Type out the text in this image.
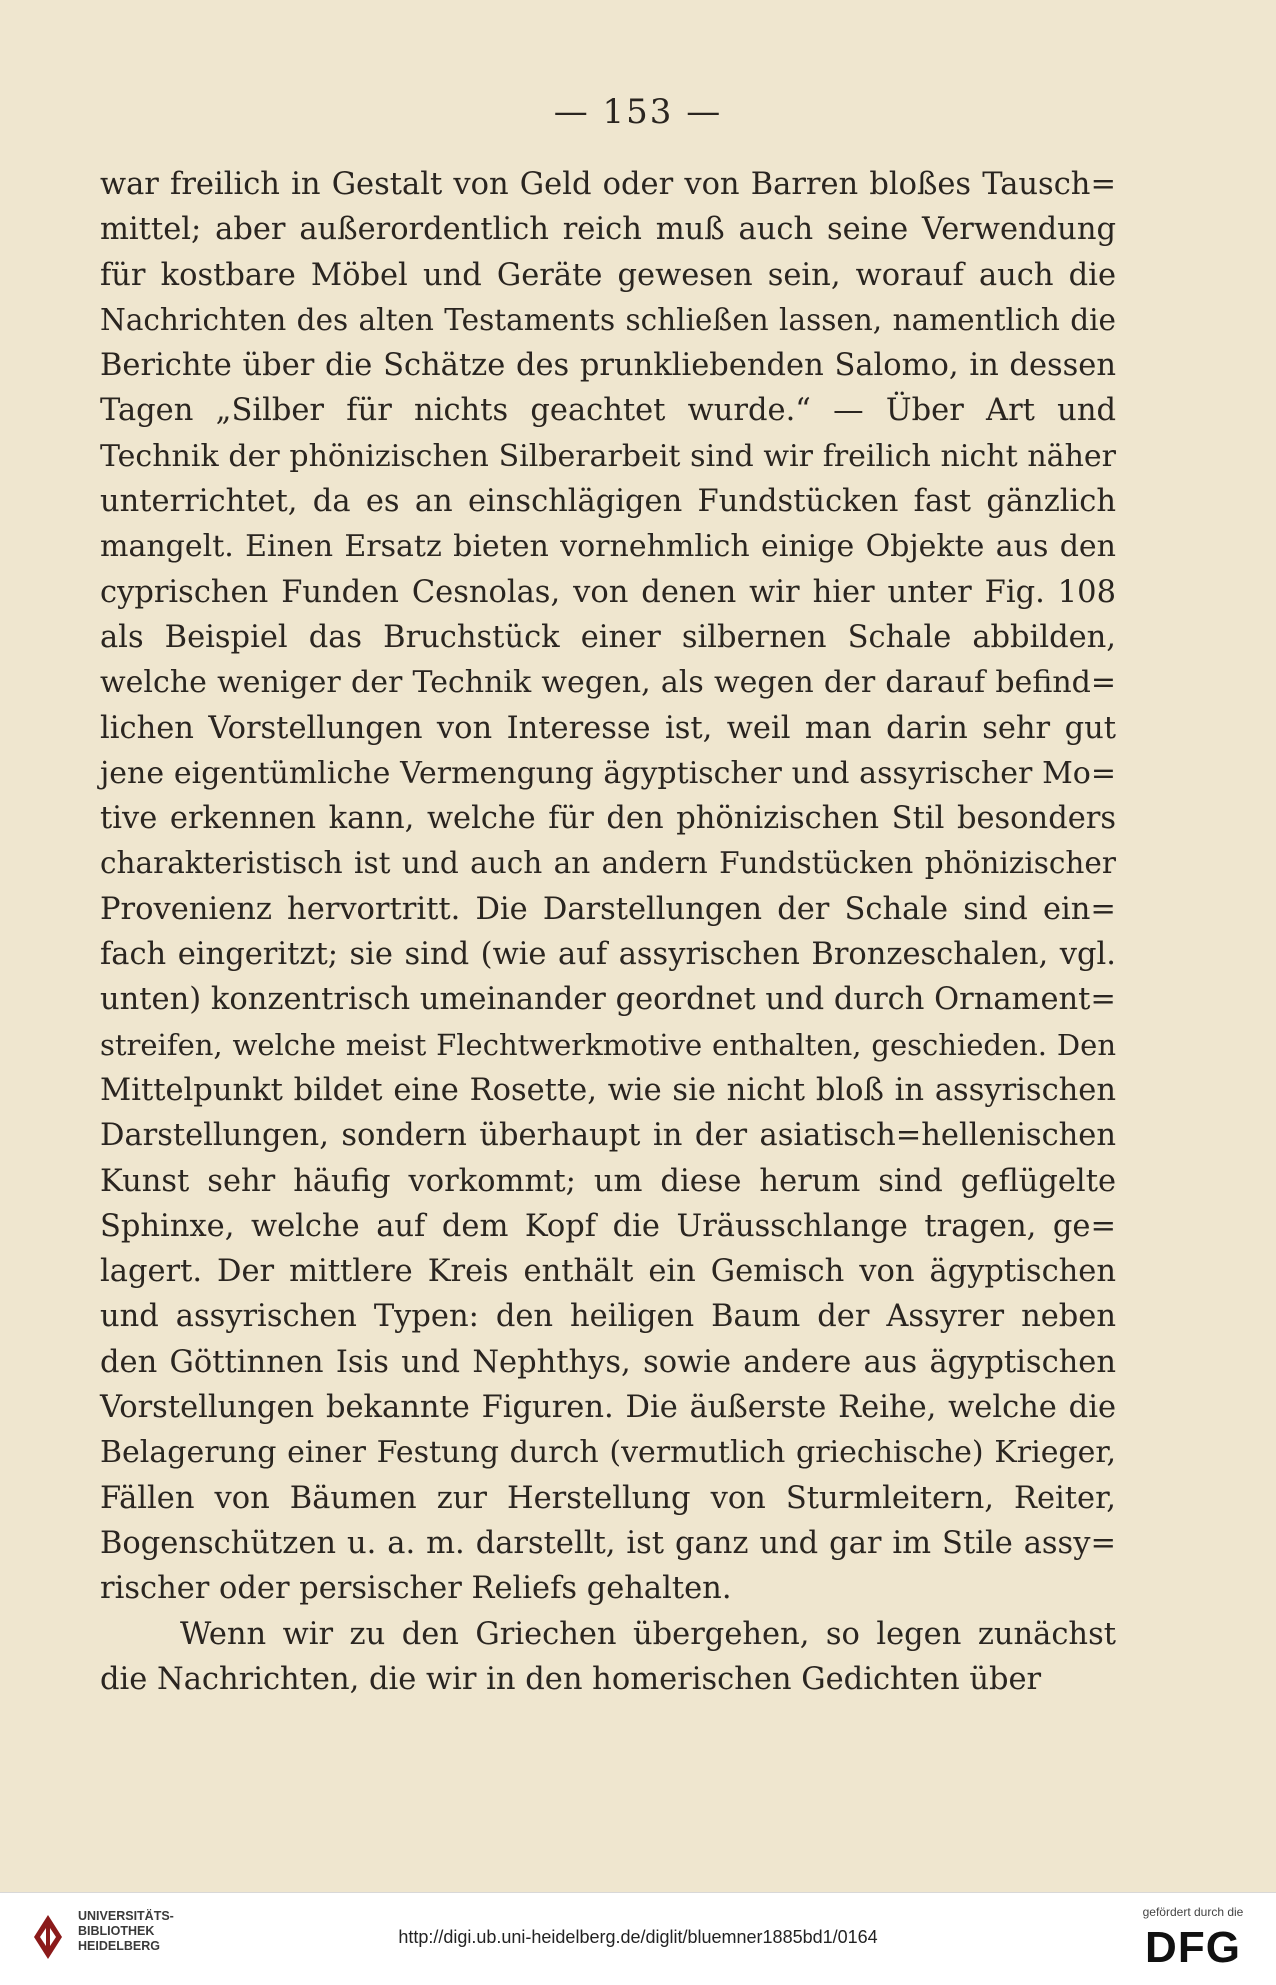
— 153 —

war freilich in Gestalt von Geld oder von Barren bloßes Tausch=
mittel; aber außerordentlich reich muß auch seine Verwendung
für kostbare Möbel und Geräte gewesen sein, worauf auch die
Nachrichten des alten Testaments schließen lassen, namentlich die
Berichte über die Schätze des prunkliebenden Salomo, in dessen
Tagen „Silber für nichts geachtet wurde.“ — Über Art und
Technik der phönizischen Silberarbeit sind wir freilich nicht näher
unterrichtet, da es an einschlägigen Fundstücken fast gänzlich
mangelt. Einen Ersatz bieten vornehmlich einige Objekte aus den
cyprischen Funden Cesnolas, von denen wir hier unter Fig. 108
als Beispiel das Bruchstück einer silbernen Schale abbilden,
welche weniger der Technik wegen, als wegen der darauf befind=
lichen Vorstellungen von Interesse ist, weil man darin sehr gut
jene eigentümliche Vermengung ägyptischer und assyrischer Mo=
tive erkennen kann, welche für den phönizischen Stil besonders
charakteristisch ist und auch an andern Fundstücken phönizischer
Provenienz hervortritt. Die Darstellungen der Schale sind ein=
fach eingeritzt; sie sind (wie auf assyrischen Bronzeschalen, vgl.
unten) konzentrisch umeinander geordnet und durch Ornament=
streifen, welche meist Flechtwerkmotive enthalten, geschieden. Den
Mittelpunkt bildet eine Rosette, wie sie nicht bloß in assyrischen
Darstellungen, sondern überhaupt in der asiatisch=hellenischen
Kunst sehr häufig vorkommt; um diese herum sind geflügelte
Sphinxe, welche auf dem Kopf die Uräusschlange tragen, ge=
lagert. Der mittlere Kreis enthält ein Gemisch von ägyptischen
und assyrischen Typen: den heiligen Baum der Assyrer neben
den Göttinnen Isis und Nephthys, sowie andere aus ägyptischen
Vorstellungen bekannte Figuren. Die äußerste Reihe, welche die
Belagerung einer Festung durch (vermutlich griechische) Krieger,
Fällen von Bäumen zur Herstellung von Sturmleitern, Reiter,
Bogenschützen u. a. m. darstellt, ist ganz und gar im Stile assy=
rischer oder persischer Reliefs gehalten.

Wenn wir zu den Griechen übergehen, so legen zunächst
die Nachrichten, die wir in den homerischen Gedichten über

UNIVERSITÄTS-
BIBLIOTHEK
HEIDELBERG	http://digi.ub.uni-heidelberg.de/diglit/bluemner1885bd1/0164
gefördert durch die
DFG
